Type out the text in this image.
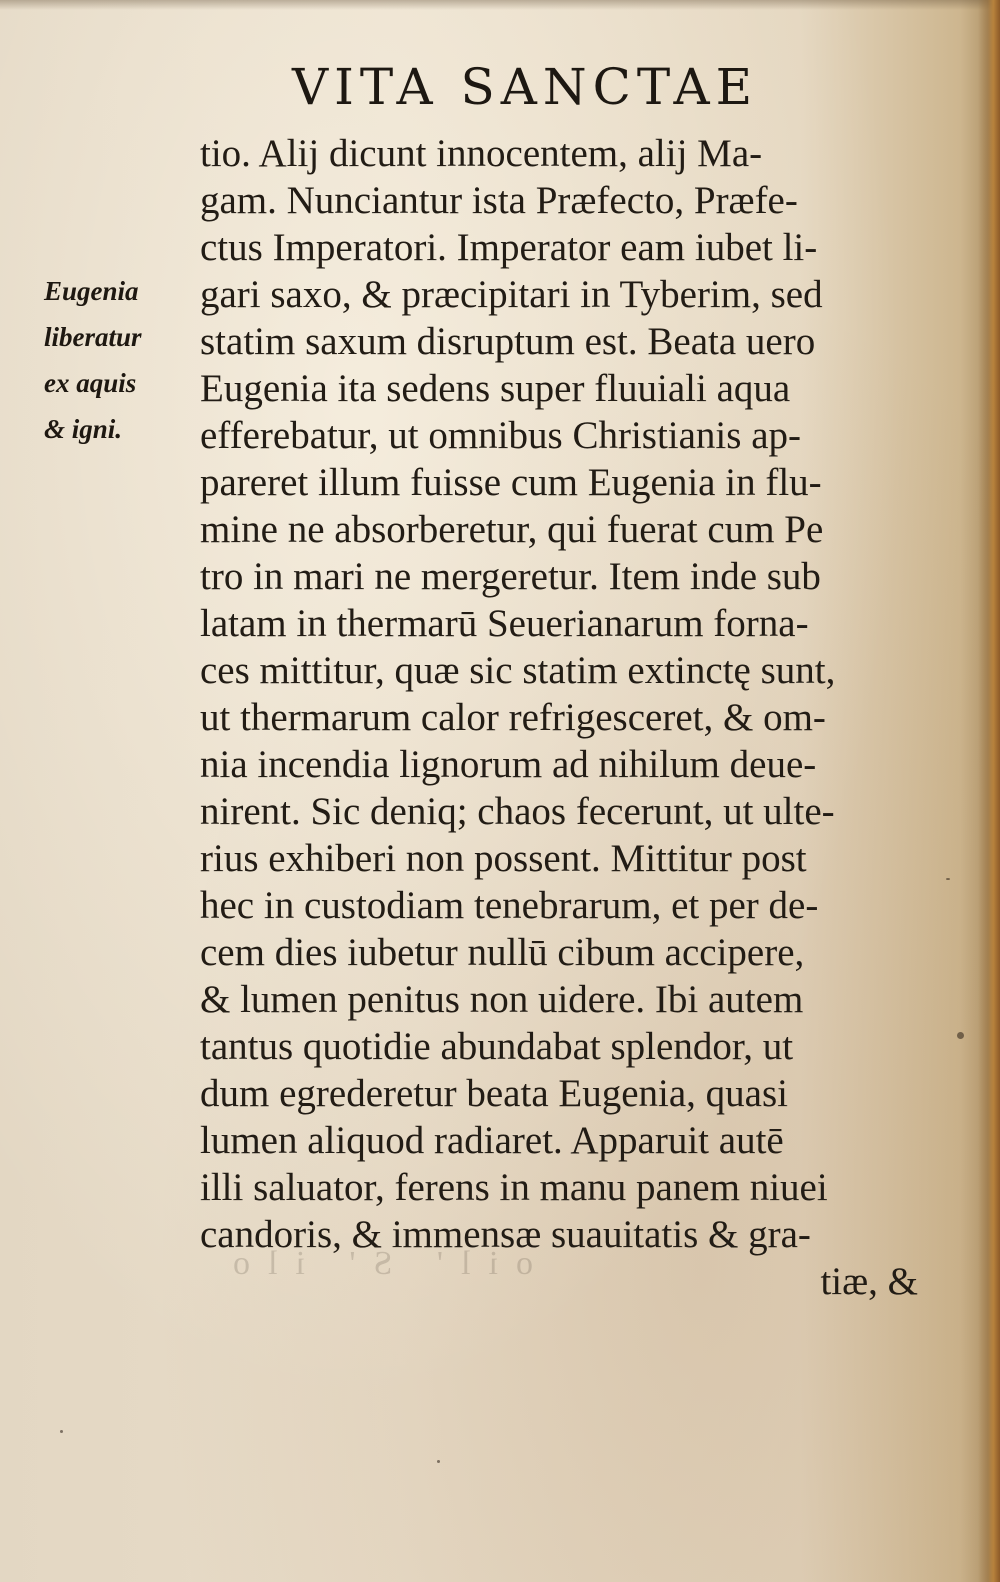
VITA SANCTAE
Eugenia
liberatur
ex aquis
& igni.
tio. Alij dicunt innocentem, alij Ma-
gam. Nunciantur ista Præfecto, Præfe-
ctus Imperatori. Imperator eam iubet li-
gari saxo, & præcipitari in Tyberim, sed
statim saxum disruptum est. Beata uero
Eugenia ita sedens super fluuiali aqua
efferebatur, ut omnibus Christianis ap-
pareret illum fuisse cum Eugenia in flu-
mine ne absorberetur, qui fuerat cum Pe
tro in mari ne mergeretur. Item inde sub
latam in thermarū Seuerianarum forna-
ces mittitur, quæ sic statim extinctę sunt,
ut thermarum calor refrigesceret, & om-
nia incendia lignorum ad nihilum deue-
nirent. Sic deniq; chaos fecerunt, ut ulte-
rius exhiberi non possent. Mittitur post
hec in custodiam tenebrarum, et per de-
cem dies iubetur nullū cibum accipere,
& lumen penitus non uidere. Ibi autem
tantus quotidie abundabat splendor, ut
dum egrederetur beata Eugenia, quasi
lumen aliquod radiaret. Apparuit autē
illi saluator, ferens in manu panem niuei
candoris, & immensæ suauitatis & gra-
tiæ, &
oil' S' ilo
